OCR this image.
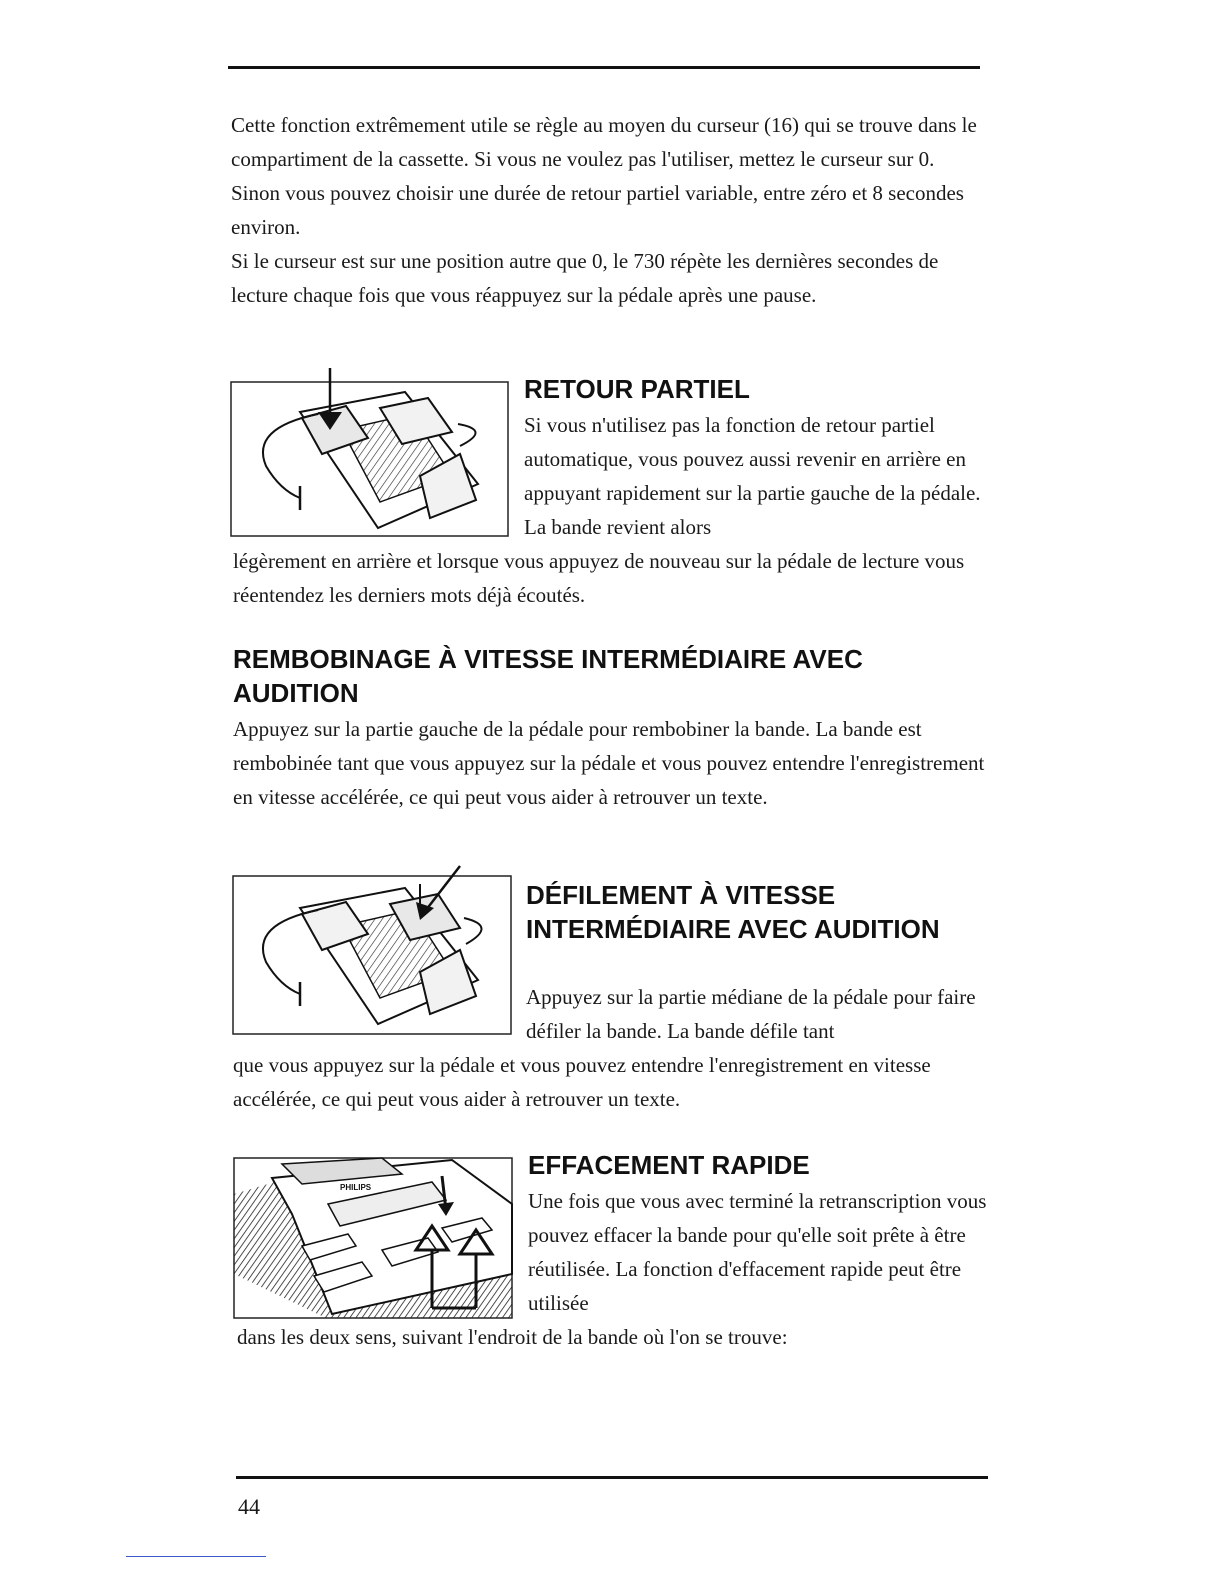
Cette fonction extrêmement utile se règle au moyen du curseur (16) qui se trouve dans le compartiment de la cassette. Si vous ne voulez pas l'utiliser, mettez le curseur sur 0. Sinon vous pouvez choisir une durée de retour partiel variable, entre zéro et 8 secondes environ.

Si le curseur est sur une position autre que 0, le 730 répète les dernières secondes de lecture chaque fois que vous réappuyez sur la pédale après une pause.

RETOUR PARTIEL

Si vous n'utilisez pas la fonction de retour partiel automatique, vous pouvez aussi revenir en arrière en appuyant rapidement sur la partie gauche de la pédale. La bande revient alors

légèrement en arrière et lorsque vous appuyez de nouveau sur la pédale de lecture vous réentendez les derniers mots déjà écoutés.

REMBOBINAGE À VITESSE INTERMÉDIAIRE AVEC AUDITION

Appuyez sur la partie gauche de la pédale pour rembobiner la bande. La bande est rembobinée tant que vous appuyez sur la pédale et vous pouvez entendre l'enregistrement en vitesse accélérée, ce qui peut vous aider à retrouver un texte.

DÉFILEMENT À VITESSE INTERMÉDIAIRE AVEC AUDITION

Appuyez sur la partie médiane de la pédale pour faire défiler la bande. La bande défile tant

que vous appuyez sur la pédale et vous pouvez entendre l'enregistrement en vitesse accélérée, ce qui peut vous aider à retrouver un texte.

PHILIPS
EFFACEMENT RAPIDE

Une fois que vous avec terminé la retranscription vous pouvez effacer la bande pour qu'elle soit prête à être réutilisée. La fonction d'effacement rapide peut être utilisée

dans les deux sens, suivant l'endroit de la bande où l'on se trouve:

44
